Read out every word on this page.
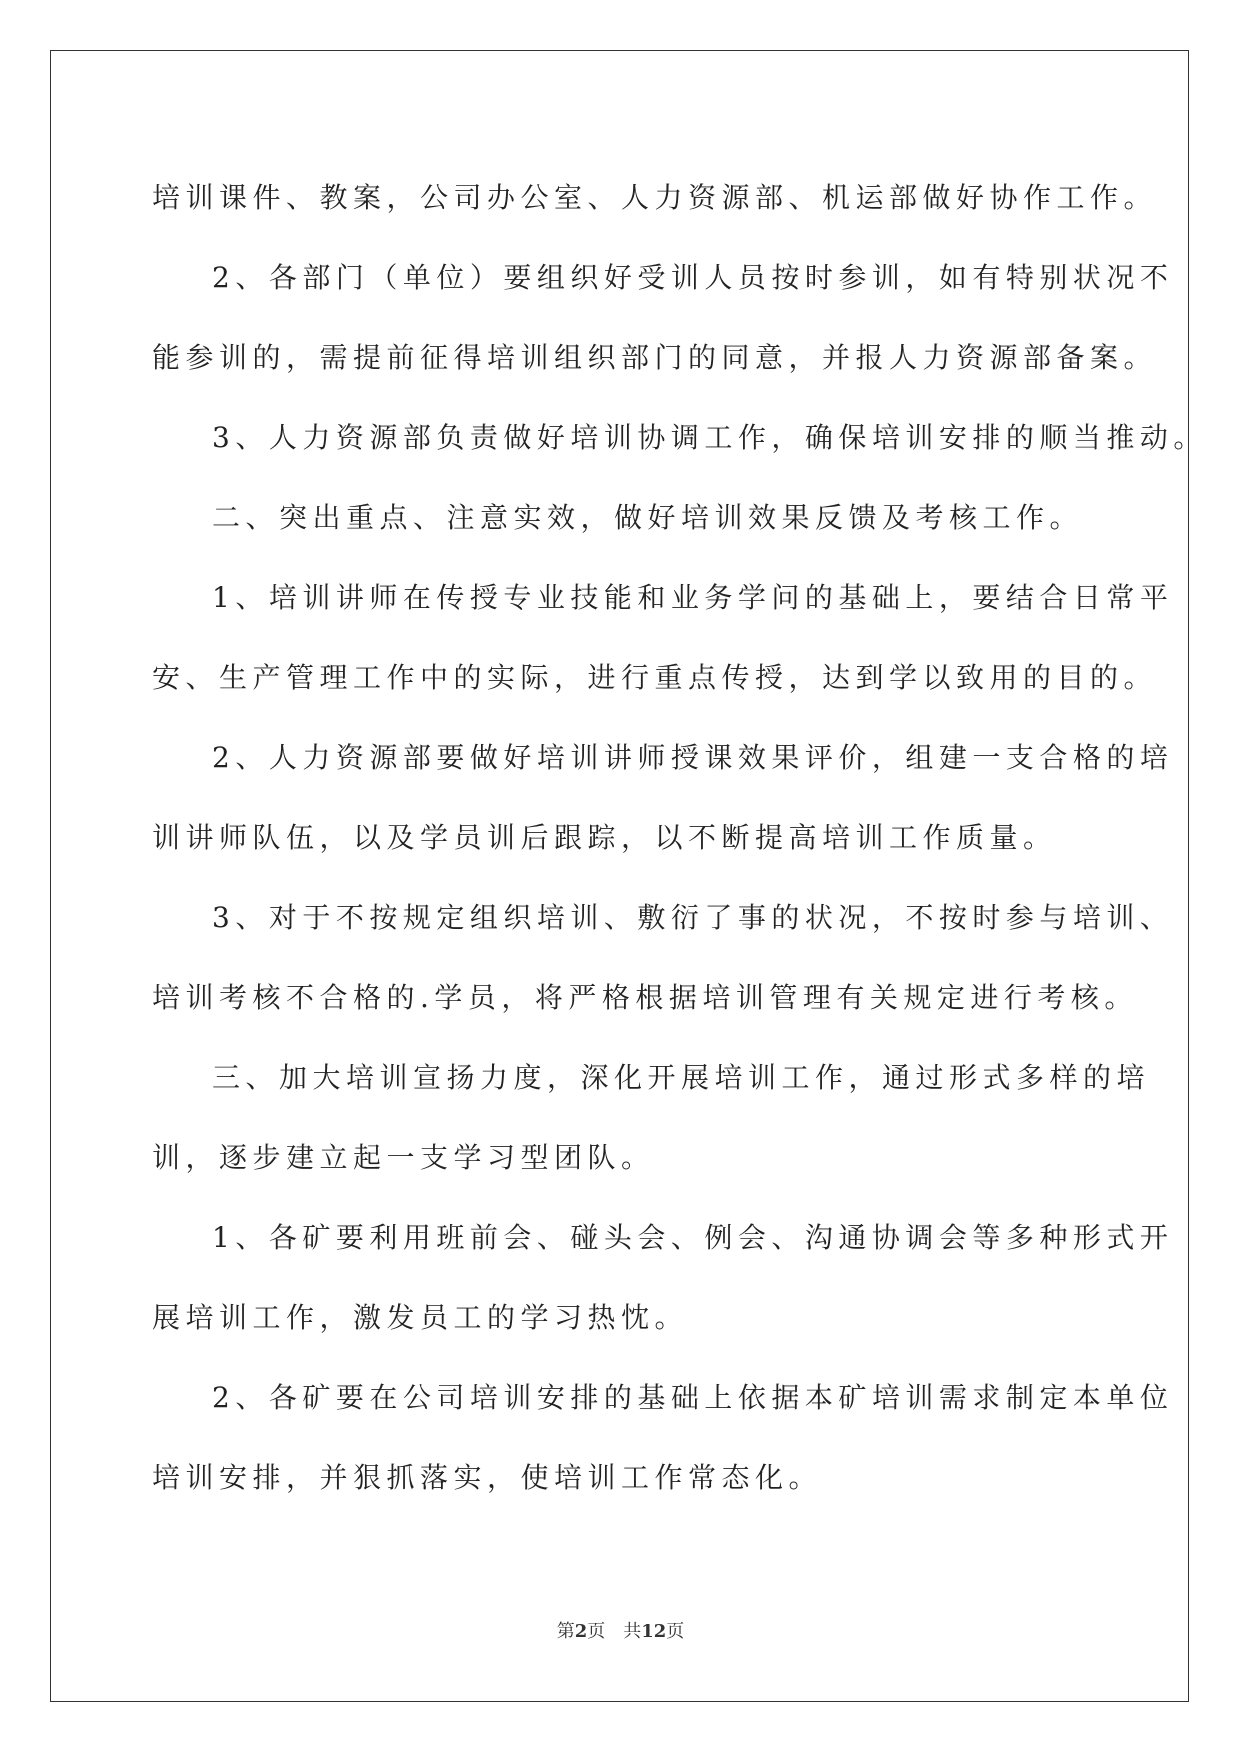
培训课件、教案，公司办公室、人力资源部、机运部做好协作工作。
2、各部门（单位）要组织好受训人员按时参训，如有特别状况不
能参训的，需提前征得培训组织部门的同意，并报人力资源部备案。
3、人力资源部负责做好培训协调工作，确保培训安排的顺当推动。
二、突出重点、注意实效，做好培训效果反馈及考核工作。
1、培训讲师在传授专业技能和业务学问的基础上，要结合日常平
安、生产管理工作中的实际，进行重点传授，达到学以致用的目的。
2、人力资源部要做好培训讲师授课效果评价，组建一支合格的培
训讲师队伍，以及学员训后跟踪，以不断提高培训工作质量。
3、对于不按规定组织培训、敷衍了事的状况，不按时参与培训、
培训考核不合格的.学员，将严格根据培训管理有关规定进行考核。
三、加大培训宣扬力度，深化开展培训工作，通过形式多样的培
训，逐步建立起一支学习型团队。
1、各矿要利用班前会、碰头会、例会、沟通协调会等多种形式开
展培训工作，激发员工的学习热忱。
2、各矿要在公司培训安排的基础上依据本矿培训需求制定本单位
培训安排，并狠抓落实，使培训工作常态化。
第2页 共12页
